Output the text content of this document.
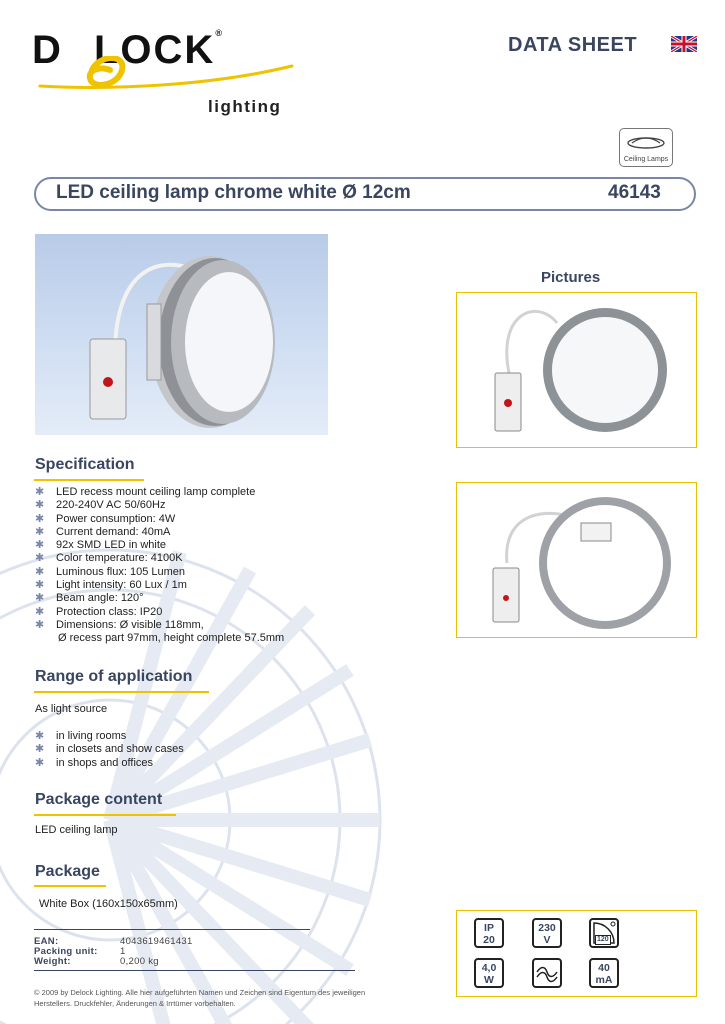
D LOCK®
lighting
DATA SHEET
Ceiling Lamps
LED ceiling lamp chrome white Ø 12cm	46143
Pictures
Specification
✱ LED recess mount ceiling lamp complete
✱ 220-240V AC 50/60Hz
✱ Power consumption: 4W
✱ Current demand: 40mA
✱ 92x SMD LED in white
✱ Color temperature: 4100K
✱ Luminous flux: 105 Lumen
✱ Light intensity: 60 Lux / 1m
✱ Beam angle: 120°
✱ Protection class: IP20
✱ Dimensions: Ø visible 118mm,
Ø recess part 97mm, height complete 57.5mm
Range of application
As light source
✱ in living rooms
✱ in closets and show cases
✱ in shops and offices
Package content
LED ceiling lamp
Package
White Box (160x150x65mm)
EAN:	4043619461431
Packing unit: 1
Weight:	0,200 kg
© 2009 by Delock Lighting. Alle hier aufgeführten Namen und Zeichen sind Eigentum des jeweiligen Herstellers. Druckfehler, Änderungen & Irrtümer vorbehalten.
IP
20
230
V	120
4,0
W
40
mA
